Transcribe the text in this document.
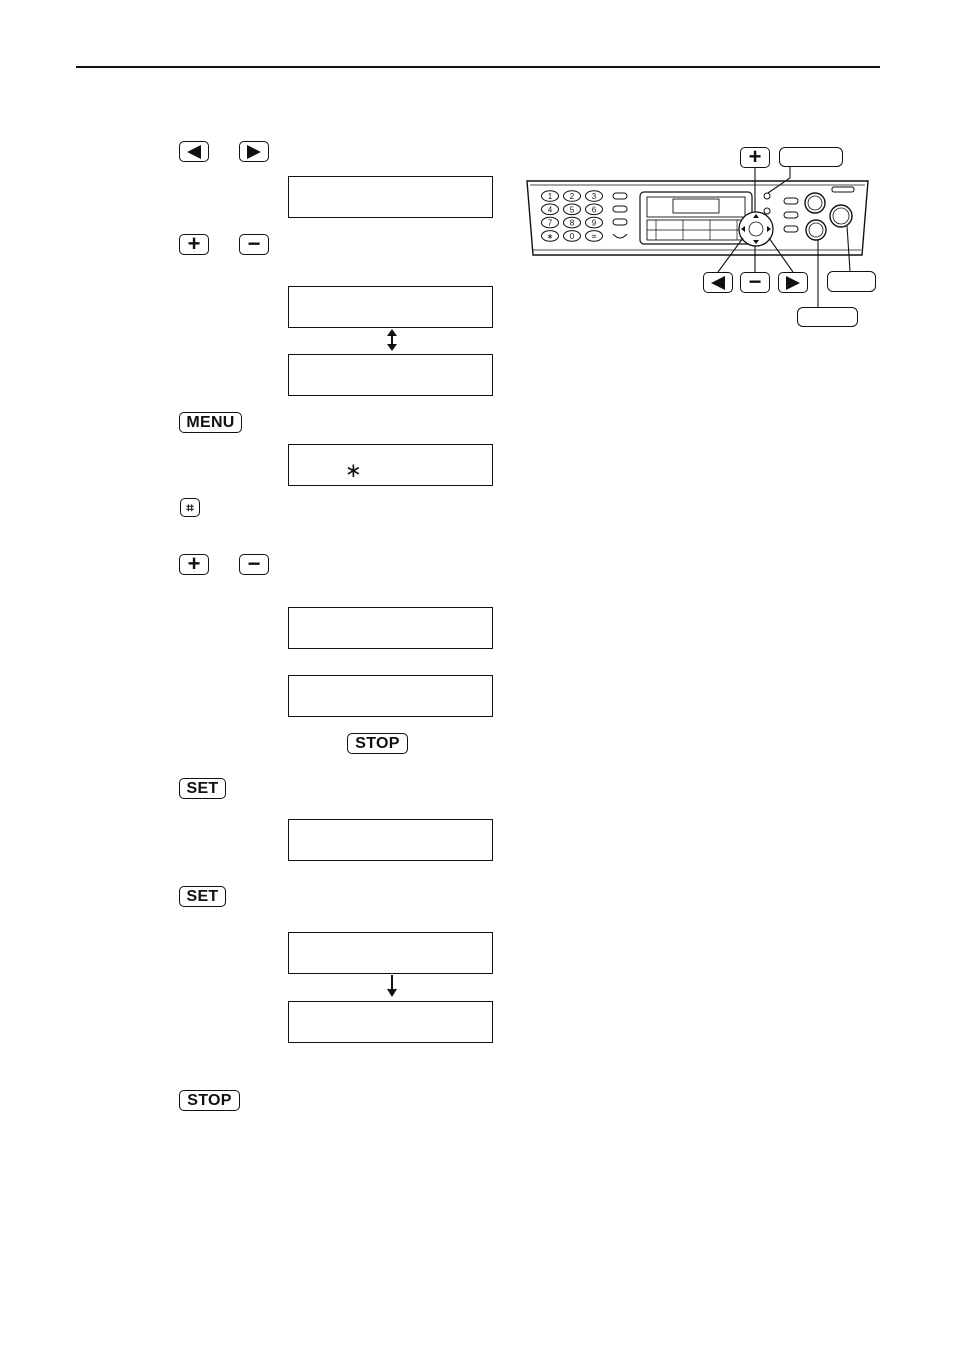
+ −
MENU
∗
⌗
+ −
STOP
SET
SET
STOP
1 2 3
4 5 6
7 8 9
∗ 0 ⌗
+
−
